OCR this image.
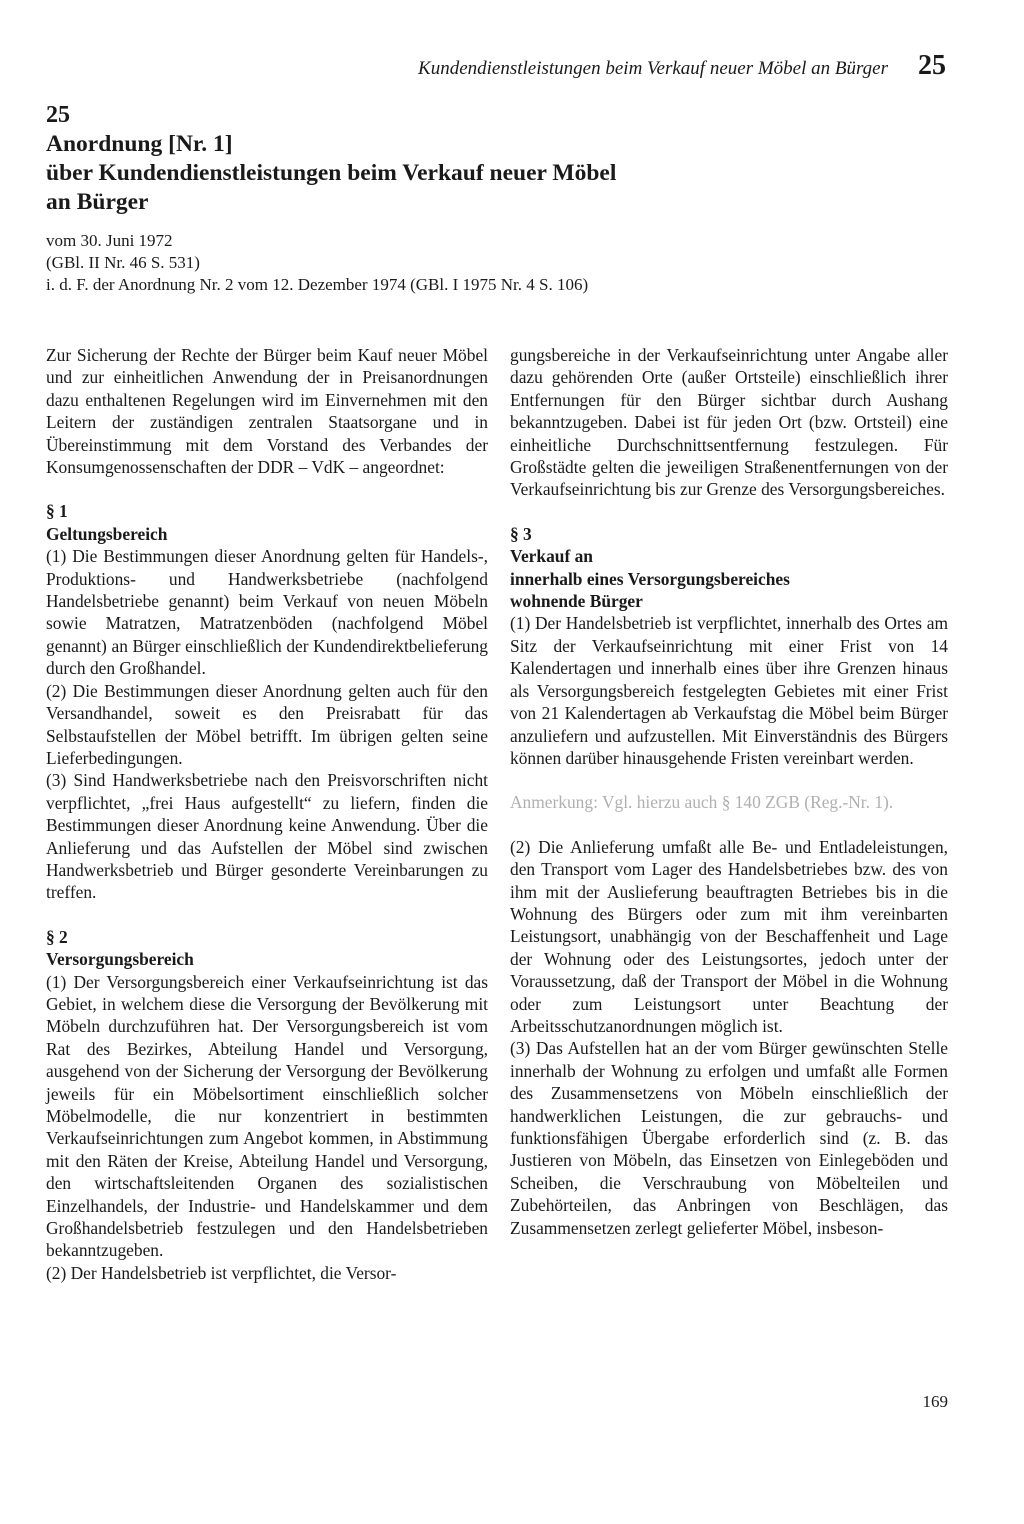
Kundendienstleistungen beim Verkauf neuer Möbel an Bürger 25
25
Anordnung [Nr. 1]
über Kundendienstleistungen beim Verkauf neuer Möbel
an Bürger
vom 30. Juni 1972
(GBl. II Nr. 46 S. 531)
i. d. F. der Anordnung Nr. 2 vom 12. Dezember 1974 (GBl. I 1975 Nr. 4 S. 106)

Zur Sicherung der Rechte der Bürger beim Kauf neuer Möbel und zur einheitlichen Anwendung der in Preisanordnungen dazu enthaltenen Regelungen wird im Einvernehmen mit den Leitern der zuständigen zentralen Staatsorgane und in Übereinstimmung mit dem Vorstand des Verbandes der Konsumgenossenschaften der DDR – VdK – angeordnet:

§ 1
Geltungsbereich

(1) Die Bestimmungen dieser Anordnung gelten für Handels-, Produktions- und Handwerksbetriebe (nachfolgend Handelsbetriebe genannt) beim Verkauf von neuen Möbeln sowie Matratzen, Matratzenböden (nachfolgend Möbel genannt) an Bürger einschließlich der Kundendirektbelieferung durch den Großhandel.

(2) Die Bestimmungen dieser Anordnung gelten auch für den Versandhandel, soweit es den Preisrabatt für das Selbstaufstellen der Möbel betrifft. Im übrigen gelten seine Lieferbedingungen.

(3) Sind Handwerksbetriebe nach den Preisvorschriften nicht verpflichtet, „frei Haus aufgestellt“ zu liefern, finden die Bestimmungen dieser Anordnung keine Anwendung. Über die Anlieferung und das Aufstellen der Möbel sind zwischen Handwerksbetrieb und Bürger gesonderte Vereinbarungen zu treffen.

§ 2
Versorgungsbereich

(1) Der Versorgungsbereich einer Verkaufseinrichtung ist das Gebiet, in welchem diese die Versorgung der Bevölkerung mit Möbeln durchzuführen hat. Der Versorgungsbereich ist vom Rat des Bezirkes, Abteilung Handel und Versorgung, ausgehend von der Sicherung der Versorgung der Bevölkerung jeweils für ein Möbelsortiment einschließlich solcher Möbelmodelle, die nur konzentriert in bestimmten Verkaufseinrichtungen zum Angebot kommen, in Abstimmung mit den Räten der Kreise, Abteilung Handel und Versorgung, den wirtschaftsleitenden Organen des sozialistischen Einzelhandels, der Industrie- und Handelskammer und dem Großhandelsbetrieb festzulegen und den Handelsbetrieben bekanntzugeben.

(2) Der Handelsbetrieb ist verpflichtet, die Versor-

gungsbereiche in der Verkaufseinrichtung unter Angabe aller dazu gehörenden Orte (außer Ortsteile) einschließlich ihrer Entfernungen für den Bürger sichtbar durch Aushang bekanntzugeben. Dabei ist für jeden Ort (bzw. Ortsteil) eine einheitliche Durchschnittsentfernung festzulegen. Für Großstädte gelten die jeweiligen Straßenentfernungen von der Verkaufseinrichtung bis zur Grenze des Versorgungsbereiches.

§ 3
Verkauf an
innerhalb eines Versorgungsbereiches
wohnende Bürger

(1) Der Handelsbetrieb ist verpflichtet, innerhalb des Ortes am Sitz der Verkaufseinrichtung mit einer Frist von 14 Kalendertagen und innerhalb eines über ihre Grenzen hinaus als Versorgungsbereich festgelegten Gebietes mit einer Frist von 21 Kalendertagen ab Verkaufstag die Möbel beim Bürger anzuliefern und aufzustellen. Mit Einverständnis des Bürgers können darüber hinausgehende Fristen vereinbart werden.

Anmerkung: Vgl. hierzu auch § 140 ZGB (Reg.-Nr. 1).

(2) Die Anlieferung umfaßt alle Be- und Entladeleistungen, den Transport vom Lager des Handelsbetriebes bzw. des von ihm mit der Auslieferung beauftragten Betriebes bis in die Wohnung des Bürgers oder zum mit ihm vereinbarten Leistungsort, unabhängig von der Beschaffenheit und Lage der Wohnung oder des Leistungsortes, jedoch unter der Voraussetzung, daß der Transport der Möbel in die Wohnung oder zum Leistungsort unter Beachtung der Arbeitsschutzanordnungen möglich ist.

(3) Das Aufstellen hat an der vom Bürger gewünschten Stelle innerhalb der Wohnung zu erfolgen und umfaßt alle Formen des Zusammensetzens von Möbeln einschließlich der handwerklichen Leistungen, die zur gebrauchs- und funktionsfähigen Übergabe erforderlich sind (z. B. das Justieren von Möbeln, das Einsetzen von Einlegeböden und Scheiben, die Verschraubung von Möbelteilen und Zubehörteilen, das Anbringen von Beschlägen, das Zusammensetzen zerlegt gelieferter Möbel, insbeson-

169
